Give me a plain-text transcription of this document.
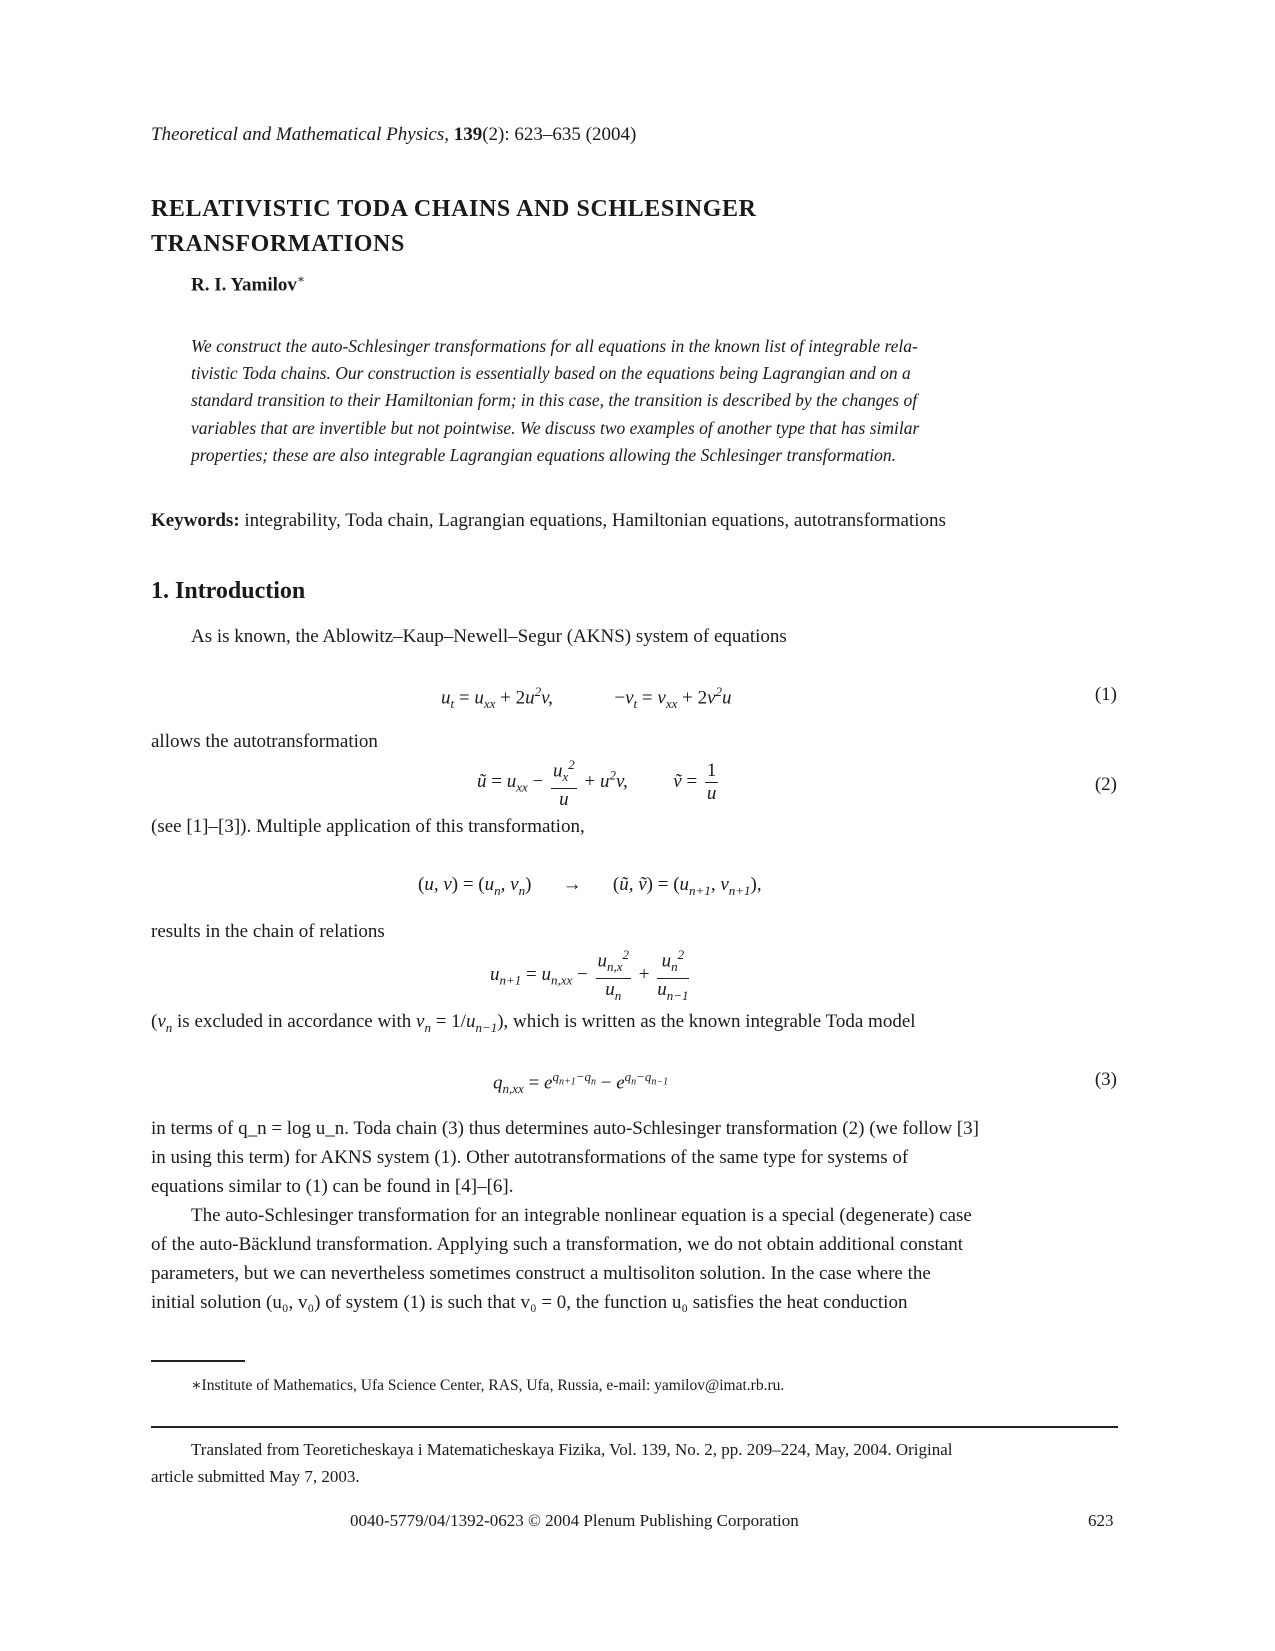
Theoretical and Mathematical Physics, 139(2): 623–635 (2004)
RELATIVISTIC TODA CHAINS AND SCHLESINGER
TRANSFORMATIONS
R. I. Yamilov∗
We construct the auto-Schlesinger transformations for all equations in the known list of integrable rela-
tivistic Toda chains. Our construction is essentially based on the equations being Lagrangian and on a
standard transition to their Hamiltonian form; in this case, the transition is described by the changes of
variables that are invertible but not pointwise. We discuss two examples of another type that has similar
properties; these are also integrable Lagrangian equations allowing the Schlesinger transformation.
Keywords: integrability, Toda chain, Lagrangian equations, Hamiltonian equations, autotransformations
1. Introduction
As is known, the Ablowitz–Kaup–Newell–Segur (AKNS) system of equations
$u_t = u_{xx} + 2u^2v$,	$-v_t = v_{xx} + 2v^2u$	(1)
allows the autotransformation
ũ = $u_{xx} - \frac{u_x^2}{u} + u^2v$,  ṽ = $\frac{1}{u}$	(2)
(see [1]–[3]). Multiple application of this transformation,
(u, $v) = (u_n$, $v_n$) → (ũ, ṽ) = ($u_{n+1}$, $v_{n+1}$),
results in the chain of relations
$u_{n+1} = u_{n,xx} - \frac{u_{n,x}^2}{u_n} + \frac{u_n^2}{u_{n-1}}$
($v_n$ is excluded in accordance with $v_n = 1/u_{n-1}$), which is written as the known integrable Toda model
$q_{n,xx} = e^{q_{n+1}-q_n} - e^{q_n-q_{n-1}}$	(3)
in terms of q_n = log u_n. Toda chain (3) thus determines auto-Schlesinger transformation (2) (we follow [3]
in using this term) for AKNS system (1). Other autotransformations of the same type for systems of
equations similar to (1) can be found in [4]–[6].
The auto-Schlesinger transformation for an integrable nonlinear equation is a special (degenerate) case
of the auto-Bäcklund transformation. Applying such a transformation, we do not obtain additional constant
parameters, but we can nevertheless sometimes construct a multisoliton solution. In the case where the
initial solution (u₀, v₀) of system (1) is such that v₀ = 0, the function u₀ satisfies the heat conduction
∗Institute of Mathematics, Ufa Science Center, RAS, Ufa, Russia, e-mail: yamilov@imat.rb.ru.
Translated from Teoreticheskaya i Matematicheskaya Fizika, Vol. 139, No. 2, pp. 209–224, May, 2004. Original
article submitted May 7, 2003.
0040-5779/04/1392-0623 © 2004 Plenum Publishing Corporation	623
